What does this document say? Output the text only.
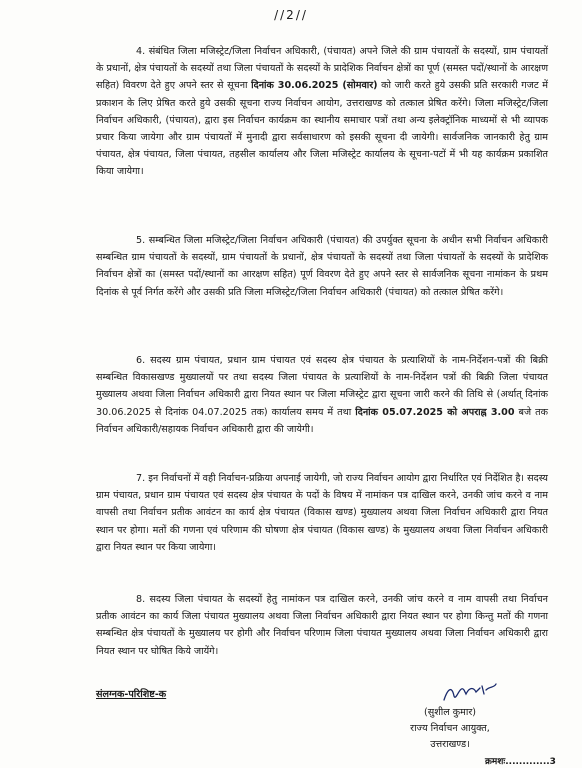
//2//

4. संबंधित जिला मजिस्ट्रेट/जिला निर्वाचन अधिकारी, (पंचायत) अपने जिले की ग्राम पंचायतों के सदस्यों, ग्राम पंचायतों के प्रधानों, क्षेत्र पंचायतों के सदस्यों तथा जिला पंचायतों के सदस्यों के प्रादेशिक निर्वाचन क्षेत्रों का पूर्ण (समस्त पदों/स्थानों के आरक्षण सहित) विवरण देते हुए अपने स्तर से सूचना दिनांक 30.06.2025 (सोमवार) को जारी करते हुये उसकी प्रति सरकारी गजट में प्रकाशन के लिए प्रेषित करते हुये उसकी सूचना राज्य निर्वाचन आयोग, उत्तराखण्ड को तत्काल प्रेषित करेंगे। जिला मजिस्ट्रेट/जिला निर्वाचन अधिकारी, (पंचायत), द्वारा इस निर्वाचन कार्यक्रम का स्थानीय समाचार पत्रों तथा अन्य इलेक्ट्रॉनिक माध्यमों से भी व्यापक प्रचार किया जायेगा और ग्राम पंचायतों में मुनादी द्वारा सर्वसाधारण को इसकी सूचना दी जायेगी। सार्वजनिक जानकारी हेतु ग्राम पंचायत, क्षेत्र पंचायत, जिला पंचायत, तहसील कार्यालय और जिला मजिस्ट्रेट कार्यालय के सूचना-पटों में भी यह कार्यक्रम प्रकाशित किया जायेगा।

5. सम्बन्धित जिला मजिस्ट्रेट/जिला निर्वाचन अधिकारी (पंचायत) की उपर्युक्त सूचना के अधीन सभी निर्वाचन अधिकारी सम्बन्धित ग्राम पंचायतों के सदस्यों, ग्राम पंचायतों के प्रधानों, क्षेत्र पंचायतों के सदस्यों तथा जिला पंचायतों के सदस्यों के प्रादेशिक निर्वाचन क्षेत्रों का (समस्त पदों/स्थानों का आरक्षण सहित) पूर्ण विवरण देते हुए अपने स्तर से सार्वजनिक सूचना नामांकन के प्रथम दिनांक से पूर्व निर्गत करेंगे और उसकी प्रति जिला मजिस्ट्रेट/जिला निर्वाचन अधिकारी (पंचायत) को तत्काल प्रेषित करेंगे।

6. सदस्य ग्राम पंचायत, प्रधान ग्राम पंचायत एवं सदस्य क्षेत्र पंचायत के प्रत्याशियों के नाम-निर्देशन-पत्रों की बिक्री सम्बन्धित विकासखण्ड मुख्यालयों पर तथा सदस्य जिला पंचायत के प्रत्याशियों के नाम-निर्देशन पत्रों की बिक्री जिला पंचायत मुख्यालय अथवा जिला निर्वाचन अधिकारी द्वारा नियत स्थान पर जिला मजिस्ट्रेट द्वारा सूचना जारी करने की तिथि से (अर्थात् दिनांक 30.06.2025 से दिनांक 04.07.2025 तक) कार्यालय समय में तथा दिनांक 05.07.2025 को अपराह्न 3.00 बजे तक निर्वाचन अधिकारी/सहायक निर्वाचन अधिकारी द्वारा की जायेगी।

7. इन निर्वाचनों में वही निर्वाचन-प्रक्रिया अपनाई जायेगी, जो राज्य निर्वाचन आयोग द्वारा निर्धारित एवं निर्देशित है। सदस्य ग्राम पंचायत, प्रधान ग्राम पंचायत एवं सदस्य क्षेत्र पंचायत के पदों के विषय में नामांकन पत्र दाखिल करने, उनकी जांच करने व नाम वापसी तथा निर्वाचन प्रतीक आवंटन का कार्य क्षेत्र पंचायत (विकास खण्ड) मुख्यालय अथवा जिला निर्वाचन अधिकारी द्वारा नियत स्थान पर होगा। मतों की गणना एवं परिणाम की घोषणा क्षेत्र पंचायत (विकास खण्ड) के मुख्यालय अथवा जिला निर्वाचन अधिकारी द्वारा नियत स्थान पर किया जायेगा।

8. सदस्य जिला पंचायत के सदस्यों हेतु नामांकन पत्र दाखिल करने, उनकी जांच करने व नाम वापसी तथा निर्वाचन प्रतीक आवंटन का कार्य जिला पंचायत मुख्यालय अथवा जिला निर्वाचन अधिकारी द्वारा नियत स्थान पर होगा किन्तु मतों की गणना सम्बन्धित क्षेत्र पंचायतों के मुख्यालय पर होगी और निर्वाचन परिणाम जिला पंचायत मुख्यालय अथवा जिला निर्वाचन अधिकारी द्वारा नियत स्थान पर घोषित किये जायेंगे।

संलग्नक-परिशिष्ट-क
(सुशील कुमार)
राज्य निर्वाचन आयुक्त,
उत्तराखण्ड।
क्रमशः.............3
